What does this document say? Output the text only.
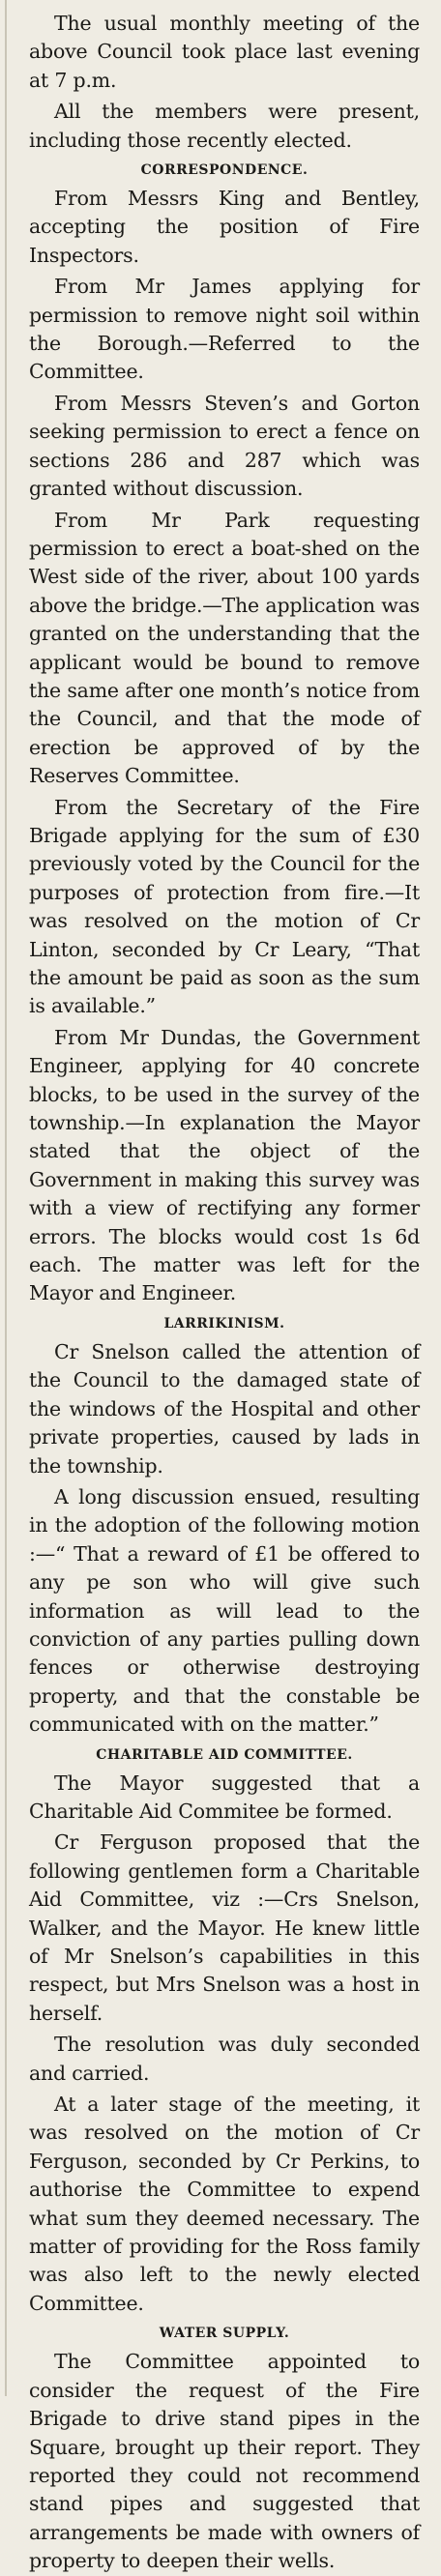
The usual monthly meeting of the above Council took place last evening at 7 p.m.

All the members were present, including those recently elected.

CORRESPONDENCE.

From Messrs King and Bentley, accepting the position of Fire Inspectors.

From Mr James applying for permission to remove night soil within the Borough.—Referred to the Committee.

From Messrs Steven’s and Gorton seeking permission to erect a fence on sections 286 and 287 which was granted without discussion.

From Mr Park requesting permission to erect a boat-shed on the West side of the river, about 100 yards above the bridge.—The application was granted on the understanding that the applicant would be bound to remove the same after one month’s notice from the Council, and that the mode of erection be approved of by the Reserves Committee.

From the Secretary of the Fire Brigade applying for the sum of £30 previously voted by the Council for the purposes of protection from fire.—It was resolved on the motion of Cr Linton, seconded by Cr Leary, “That the amount be paid as soon as the sum is available.”

From Mr Dundas, the Government Engineer, applying for 40 concrete blocks, to be used in the survey of the township.—In explanation the Mayor stated that the object of the Government in making this survey was with a view of rectifying any former errors. The blocks would cost 1s 6d each. The matter was left for the Mayor and Engineer.

LARRIKINISM.

Cr Snelson called the attention of the Council to the damaged state of the windows of the Hospital and other private properties, caused by lads in the township.

A long discussion ensued, resulting in the adoption of the following motion :—“ That a reward of £1 be offered to any pe son who will give such information as will lead to the conviction of any parties pulling down fences or otherwise destroying property, and that the constable be communicated with on the matter.”

CHARITABLE AID COMMITTEE.

The Mayor suggested that a Charitable Aid Commitee be formed.

Cr Ferguson proposed that the following gentlemen form a Charitable Aid Committee, viz :—Crs Snelson, Walker, and the Mayor. He knew little of Mr Snelson’s capabilities in this respect, but Mrs Snelson was a host in herself.

The resolution was duly seconded and carried.

At a later stage of the meeting, it was resolved on the motion of Cr Ferguson, seconded by Cr Perkins, to authorise the Committee to expend what sum they deemed necessary. The matter of providing for the Ross family was also left to the newly elected Committee.

WATER SUPPLY.

The Committee appointed to consider the request of the Fire Brigade to drive stand pipes in the Square, brought up their report. They reported they could not recommend stand pipes and suggested that arrangements be made with owners of property to deepen their wells.
